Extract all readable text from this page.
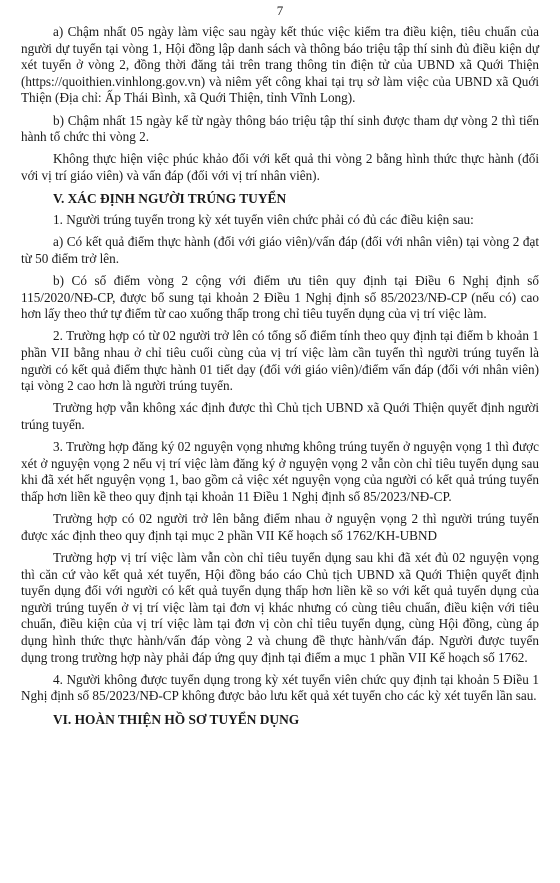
7

a) Chậm nhất 05 ngày làm việc sau ngày kết thúc việc kiểm tra điều kiện, tiêu chuẩn của người dự tuyển tại vòng 1, Hội đồng lập danh sách và thông báo triệu tập thí sinh đủ điều kiện dự xét tuyển ở vòng 2, đồng thời đăng tải trên trang thông tin điện tử của UBND xã Quới Thiện (https://quoithien.vinhlong.gov.vn) và niêm yết công khai tại trụ sở làm việc của UBND xã Quới Thiện (Địa chỉ: Ấp Thái Bình, xã Quới Thiện, tỉnh Vĩnh Long).

b) Chậm nhất 15 ngày kể từ ngày thông báo triệu tập thí sinh được tham dự vòng 2 thì tiến hành tổ chức thi vòng 2.

Không thực hiện việc phúc khảo đối với kết quả thi vòng 2 bằng hình thức thực hành (đối với vị trí giáo viên) và vấn đáp (đối với vị trí nhân viên).

V. XÁC ĐỊNH NGƯỜI TRÚNG TUYỂN

1. Người trúng tuyển trong kỳ xét tuyển viên chức phải có đủ các điều kiện sau:

a) Có kết quả điểm thực hành (đối với giáo viên)/vấn đáp (đối với nhân viên) tại vòng 2 đạt từ 50 điểm trở lên.

b) Có số điểm vòng 2 cộng với điểm ưu tiên quy định tại Điều 6 Nghị định số 115/2020/NĐ-CP, được bổ sung tại khoản 2 Điều 1 Nghị định số 85/2023/NĐ-CP (nếu có) cao hơn lấy theo thứ tự điểm từ cao xuống thấp trong chỉ tiêu tuyển dụng của vị trí việc làm.

2. Trường hợp có từ 02 người trở lên có tổng số điểm tính theo quy định tại điểm b khoản 1 phần VII bằng nhau ở chỉ tiêu cuối cùng của vị trí việc làm cần tuyển thì người trúng tuyển là người có kết quả điểm thực hành 01 tiết dạy (đối với giáo viên)/điểm vấn đáp (đối với nhân viên) tại vòng 2 cao hơn là người trúng tuyển.

Trường hợp vẫn không xác định được thì Chủ tịch UBND xã Quới Thiện quyết định người trúng tuyển.

3. Trường hợp đăng ký 02 nguyện vọng nhưng không trúng tuyển ở nguyện vọng 1 thì được xét ở nguyện vọng 2 nếu vị trí việc làm đăng ký ở nguyện vọng 2 vẫn còn chỉ tiêu tuyển dụng sau khi đã xét hết nguyện vọng 1, bao gồm cả việc xét nguyện vọng của người có kết quả trúng tuyển thấp hơn liền kề theo quy định tại khoản 11 Điều 1 Nghị định số 85/2023/NĐ-CP.

Trường hợp có 02 người trở lên bằng điểm nhau ở nguyện vọng 2 thì người trúng tuyển được xác định theo quy định tại mục 2 phần VII Kế hoạch số 1762/KH-UBND

Trường hợp vị trí việc làm vẫn còn chỉ tiêu tuyển dụng sau khi đã xét đủ 02 nguyện vọng thì căn cứ vào kết quả xét tuyển, Hội đồng báo cáo Chủ tịch UBND xã Quới Thiện quyết định tuyển dụng đối với người có kết quả tuyển dụng thấp hơn liền kề so với kết quả tuyển dụng của người trúng tuyển ở vị trí việc làm tại đơn vị khác nhưng có cùng tiêu chuẩn, điều kiện với tiêu chuẩn, điều kiện của vị trí việc làm tại đơn vị còn chỉ tiêu tuyển dụng, cùng Hội đồng, cùng áp dụng hình thức thực hành/vấn đáp vòng 2 và chung đề thực hành/vấn đáp. Người được tuyển dụng trong trường hợp này phải đáp ứng quy định tại điểm a mục 1 phần VII Kế hoạch số 1762.

4. Người không được tuyển dụng trong kỳ xét tuyển viên chức quy định tại khoản 5 Điều 1 Nghị định số 85/2023/NĐ-CP không được bảo lưu kết quả xét tuyển cho các kỳ xét tuyển lần sau.

VI. HOÀN THIỆN HỒ SƠ TUYỂN DỤNG
